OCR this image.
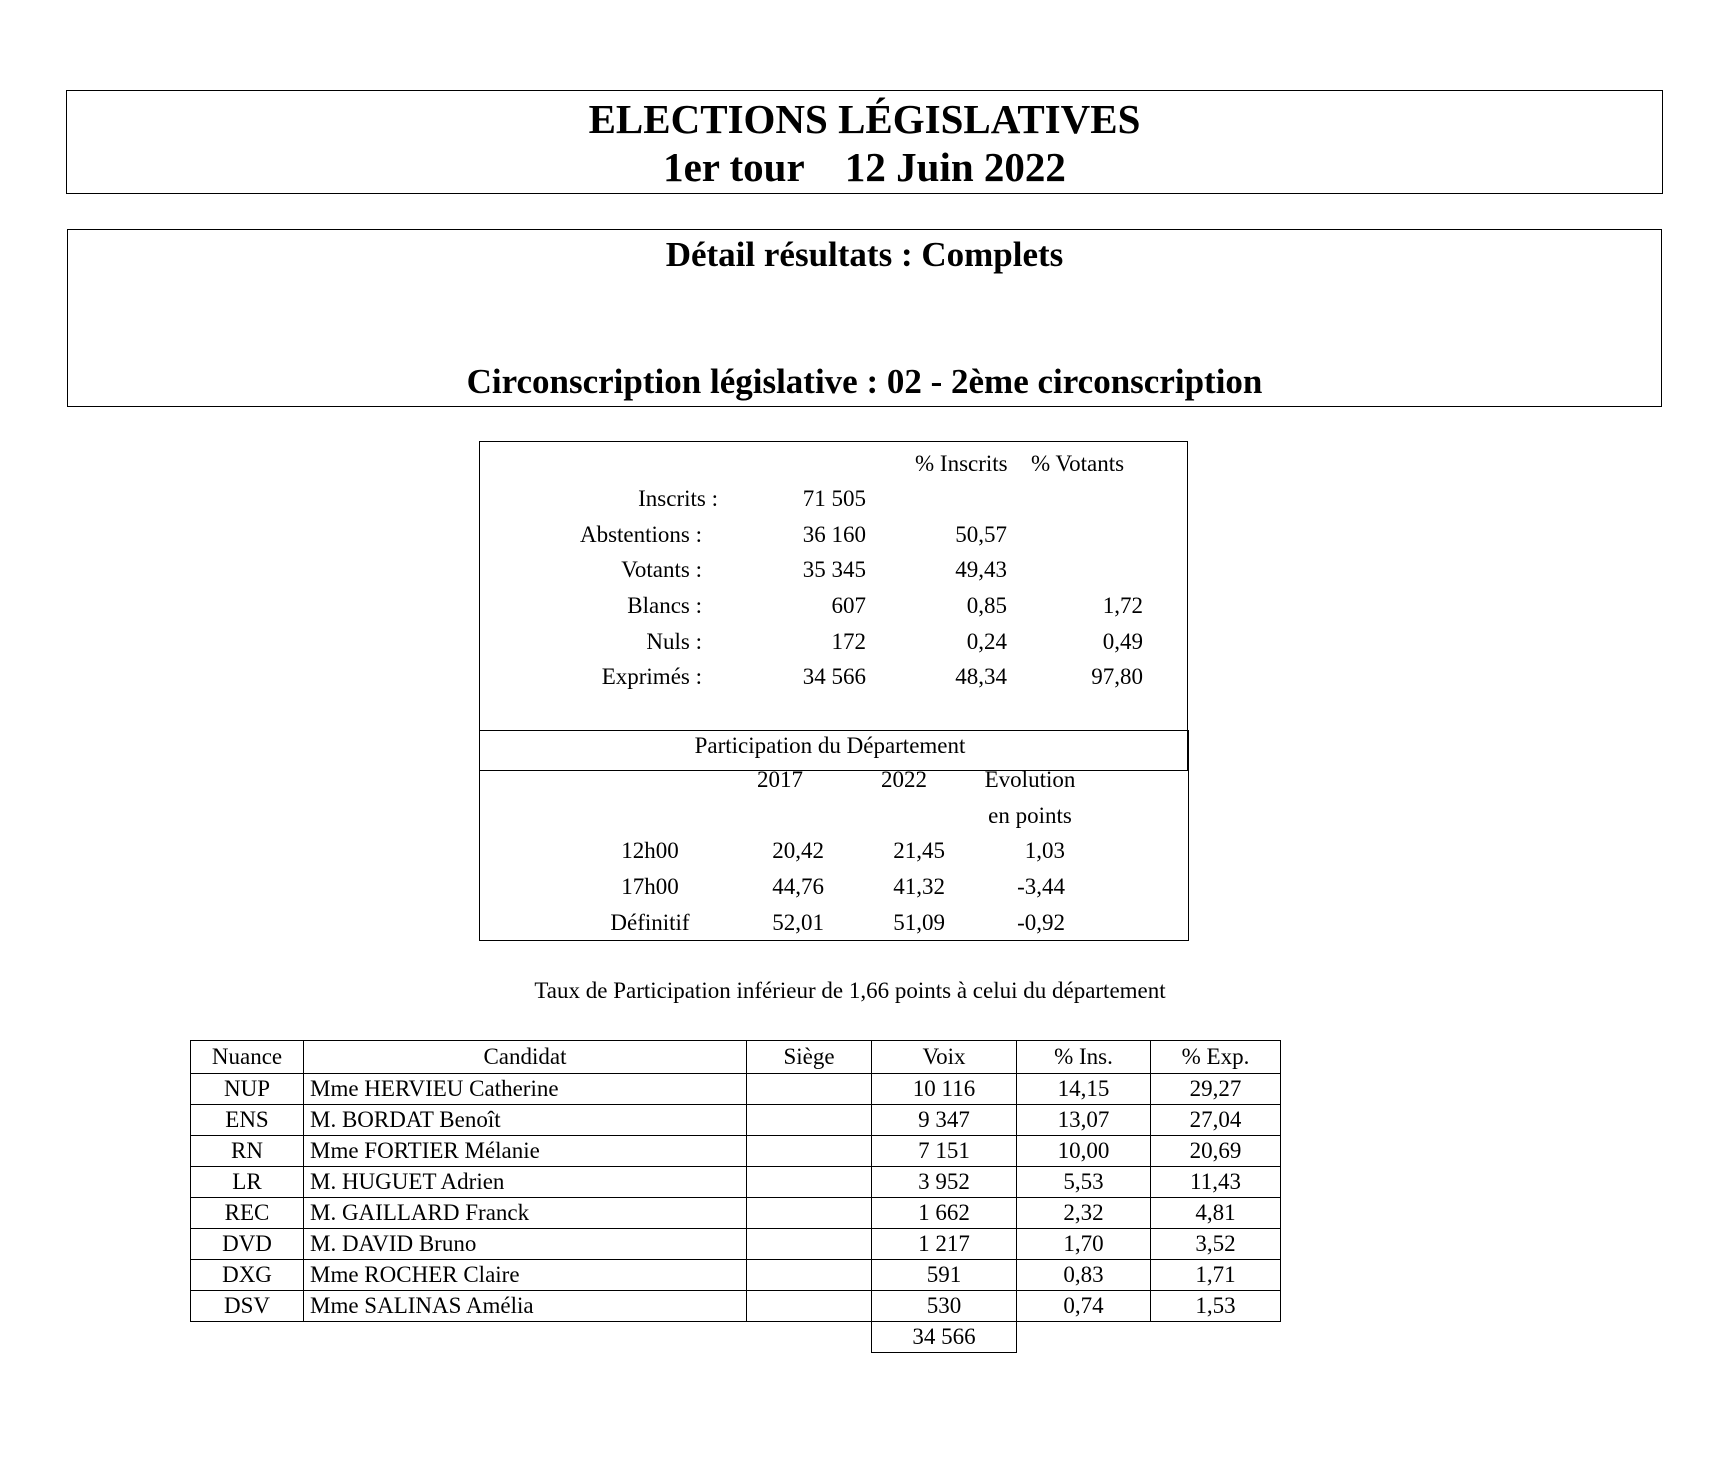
ELECTIONS LÉGISLATIVES
1er tour    12 Juin 2022
Détail résultats : Complets
Circonscription législative : 02 - 2ème circonscription
% Inscrits % Votants
Inscrits :	71 505
Abstentions :	36 160	50,57
Votants :	35 345	49,43
Blancs :	607	0,85	1,72
Nuls :	172	0,24	0,49
Exprimés :	34 566	48,34	97,80
Participation du Département
2017	2022	Evolution
en points
12h00	20,42	21,45	1,03
17h00	44,76	41,32	-3,44
Définitif	52,01	51,09	-0,92
Taux de Participation inférieur de 1,66 points à celui du département
Nuance	Candidat	Siège	Voix	% Ins.	% Exp.
NUP	Mme HERVIEU Catherine		10 116	14,15	29,27
ENS	M. BORDAT Benoît		9 347	13,07	27,04
RN	Mme FORTIER Mélanie		7 151	10,00	20,69
LR	M. HUGUET Adrien		3 952	5,53	11,43
REC	M. GAILLARD Franck		1 662	2,32	4,81
DVD	M. DAVID Bruno		1 217	1,70	3,52
DXG	Mme ROCHER Claire		591	0,83	1,71
DSV	Mme SALINAS Amélia		530	0,74	1,53
			34 566		
